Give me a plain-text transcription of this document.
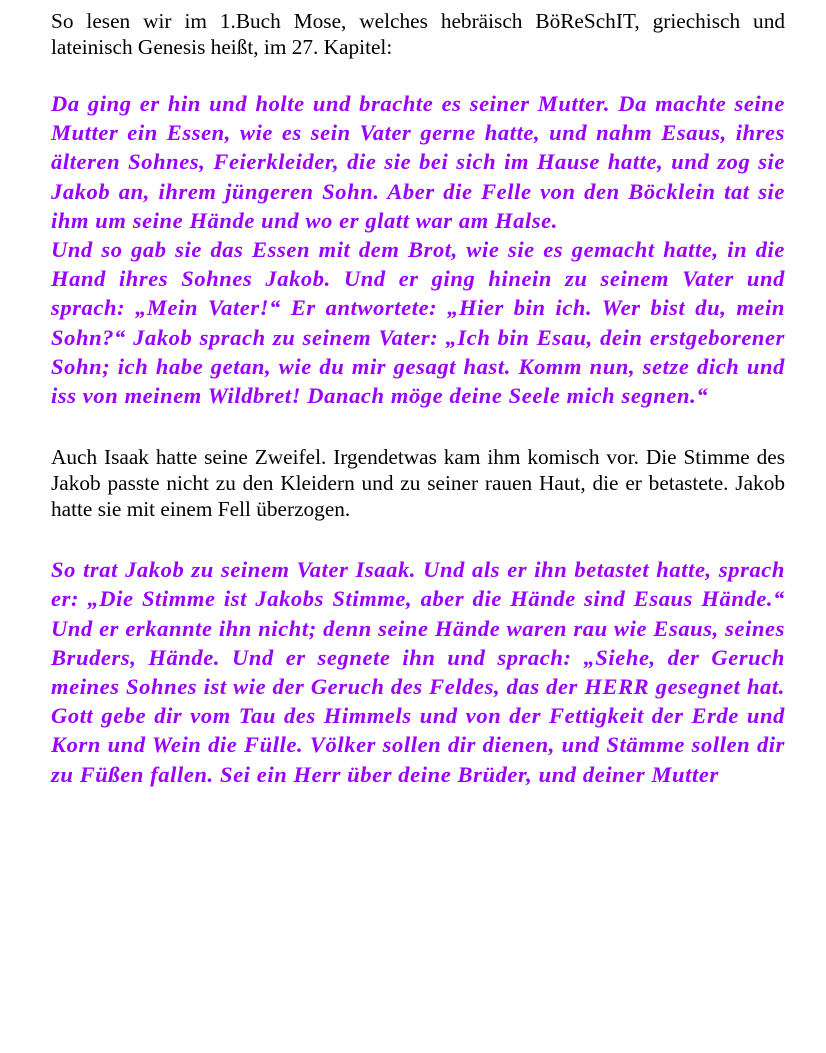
So lesen wir im 1.Buch Mose, welches hebräisch BöReSchIT, griechisch und lateinisch Genesis heißt, im 27. Kapitel:

Da ging er hin und holte und brachte es seiner Mutter. Da machte seine Mutter ein Essen, wie es sein Vater gerne hatte, und nahm Esaus, ihres älteren Sohnes, Feierkleider, die sie bei sich im Hause hatte, und zog sie Jakob an, ihrem jüngeren Sohn. Aber die Felle von den Böcklein tat sie ihm um seine Hände und wo er glatt war am Halse.

Und so gab sie das Essen mit dem Brot, wie sie es gemacht hatte, in die Hand ihres Sohnes Jakob. Und er ging hinein zu seinem Vater und sprach: „Mein Vater!“ Er antwortete: „Hier bin ich. Wer bist du, mein Sohn?“ Jakob sprach zu seinem Vater: „Ich bin Esau, dein erstgeborener Sohn; ich habe getan, wie du mir gesagt hast. Komm nun, setze dich und iss von meinem Wildbret! Danach möge deine Seele mich segnen.“

Auch Isaak hatte seine Zweifel. Irgendetwas kam ihm komisch vor. Die Stimme des Jakob passte nicht zu den Kleidern und zu seiner rauen Haut, die er betastete. Jakob hatte sie mit einem Fell überzogen.

So trat Jakob zu seinem Vater Isaak. Und als er ihn betastet hatte, sprach er: „Die Stimme ist Jakobs Stimme, aber die Hände sind Esaus Hände.“ Und er erkannte ihn nicht; denn seine Hände waren rau wie Esaus, seines Bruders, Hände. Und er segnete ihn und sprach: „Siehe, der Geruch meines Sohnes ist wie der Geruch des Feldes, das der HERR gesegnet hat. Gott gebe dir vom Tau des Himmels und von der Fettigkeit der Erde und Korn und Wein die Fülle. Völker sollen dir dienen, und Stämme sollen dir zu Füßen fallen. Sei ein Herr über deine Brüder, und deiner Mutter
